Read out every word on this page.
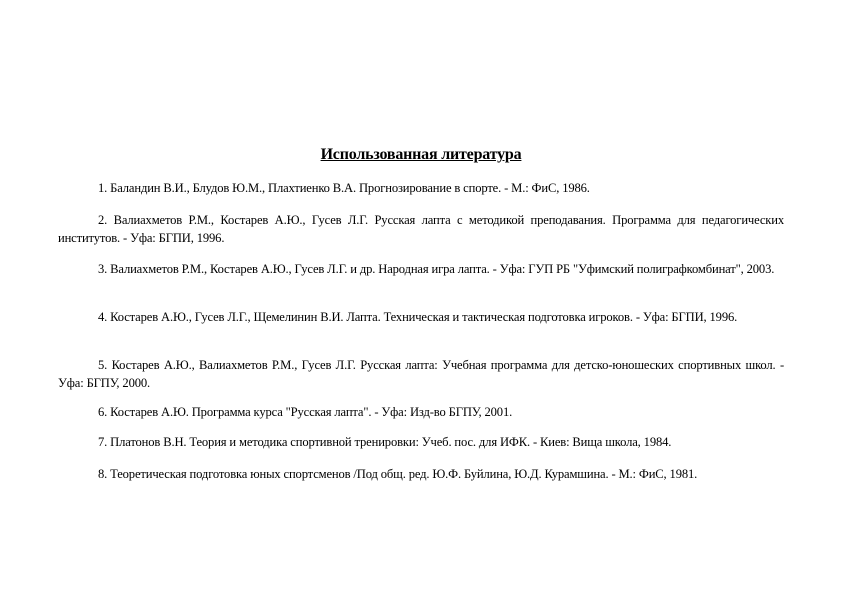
Использованная литература

1. Баландин В.И., Блудов Ю.М., Плахтиенко В.А. Прогнозирование в спорте. - М.: ФиС, 1986.

2. Валиахметов Р.М., Костарев А.Ю., Гусев Л.Г. Русская лапта с методикой преподавания. Программа для педагогических институтов. - Уфа: БГПИ, 1996.

3. Валиахметов Р.М., Костарев А.Ю., Гусев Л.Г. и др. Народная игра лапта. - Уфа: ГУП РБ "Уфимский полиграфкомбинат", 2003.

4. Костарев А.Ю., Гусев Л.Г., Щемелинин В.И. Лапта. Техническая и тактическая подготовка игроков. - Уфа: БГПИ, 1996.

5. Костарев А.Ю., Валиахметов Р.М., Гусев Л.Г. Русская лапта: Учебная программа для детско-юношеских спортивных школ. - Уфа: БГПУ, 2000.

6. Костарев А.Ю. Программа курса "Русская лапта". - Уфа: Изд-во БГПУ, 2001.

7. Платонов В.Н. Теория и методика спортивной тренировки: Учеб. пос. для ИФК. - Киев: Вища школа, 1984.

8. Теоретическая подготовка юных спортсменов /Под общ. ред. Ю.Ф. Буйлина, Ю.Д. Курамшина. - М.: ФиС, 1981.
